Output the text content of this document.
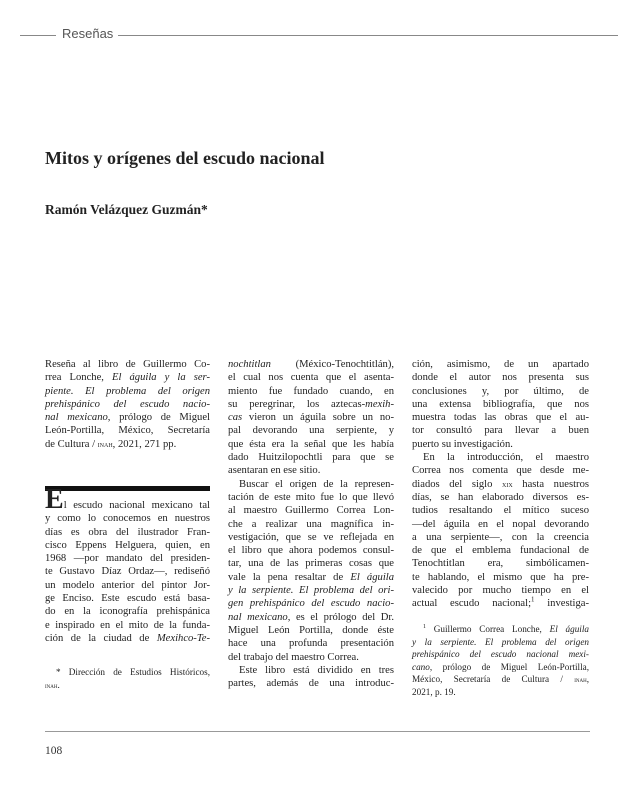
Reseñas
Mitos y orígenes del escudo nacional
Ramón Velázquez Guzmán*
Reseña al libro de Guillermo Co-
rrea Lonche, El águila y la ser-
piente. El problema del origen
prehispánico del escudo nacio-
nal mexicano, prólogo de Miguel
León-Portilla, México, Secretaría
de Cultura / inah, 2021, 271 pp.
El escudo nacional mexicano tal
y como lo conocemos en nuestros
días es obra del ilustrador Fran-
cisco Eppens Helguera, quien, en
1968 —por mandato del presiden-
te Gustavo Díaz Ordaz—, rediseñó
un modelo anterior del pintor Jor-
ge Enciso. Este escudo está basa-
do en la iconografía prehispánica
e inspirado en el mito de la funda-
ción de la ciudad de Mexihco-Te-
nochtitlan (México-Tenochtitlán),
el cual nos cuenta que el asenta-
miento fue fundado cuando, en
su peregrinar, los aztecas-mexih-
cas vieron un águila sobre un no-
pal devorando una serpiente, y
que ésta era la señal que les había
dado Huitzilopochtli para que se
asentaran en ese sitio.
Buscar el origen de la represen-
tación de este mito fue lo que llevó
al maestro Guillermo Correa Lon-
che a realizar una magnífica in-
vestigación, que se ve reflejada en
el libro que ahora podemos consul-
tar, una de las primeras cosas que
vale la pena resaltar de El águila
y la serpiente. El problema del ori-
gen prehispánico del escudo nacio-
nal mexicano, es el prólogo del Dr.
Miguel León Portilla, donde éste
hace una profunda presentación
del trabajo del maestro Correa.
Este libro está dividido en tres
partes, además de una introduc-
ción, asimismo, de un apartado
donde el autor nos presenta sus
conclusiones y, por último, de
una extensa bibliografía, que nos
muestra todas las obras que el au-
tor consultó para llevar a buen
puerto su investigación.
En la introducción, el maestro
Correa nos comenta que desde me-
diados del siglo xix hasta nuestros
días, se han elaborado diversos es-
tudios resaltando el mítico suceso
—del águila en el nopal devorando
a una serpiente—, con la creencia
de que el emblema fundacional de
Tenochtitlan era, simbólicamen-
te hablando, el mismo que ha pre-
valecido por mucho tiempo en el
actual escudo nacional;$^1$ investiga-
* Dirección de Estudios Históricos,
inah.
$^1$ Guillermo Correa Lonche, El águila
y la serpiente. El problema del origen
prehispánico del escudo nacional mexi-
cano, prólogo de Miguel León-Portilla,
México, Secretaría de Cultura / inah,
2021, p. 19.
108
